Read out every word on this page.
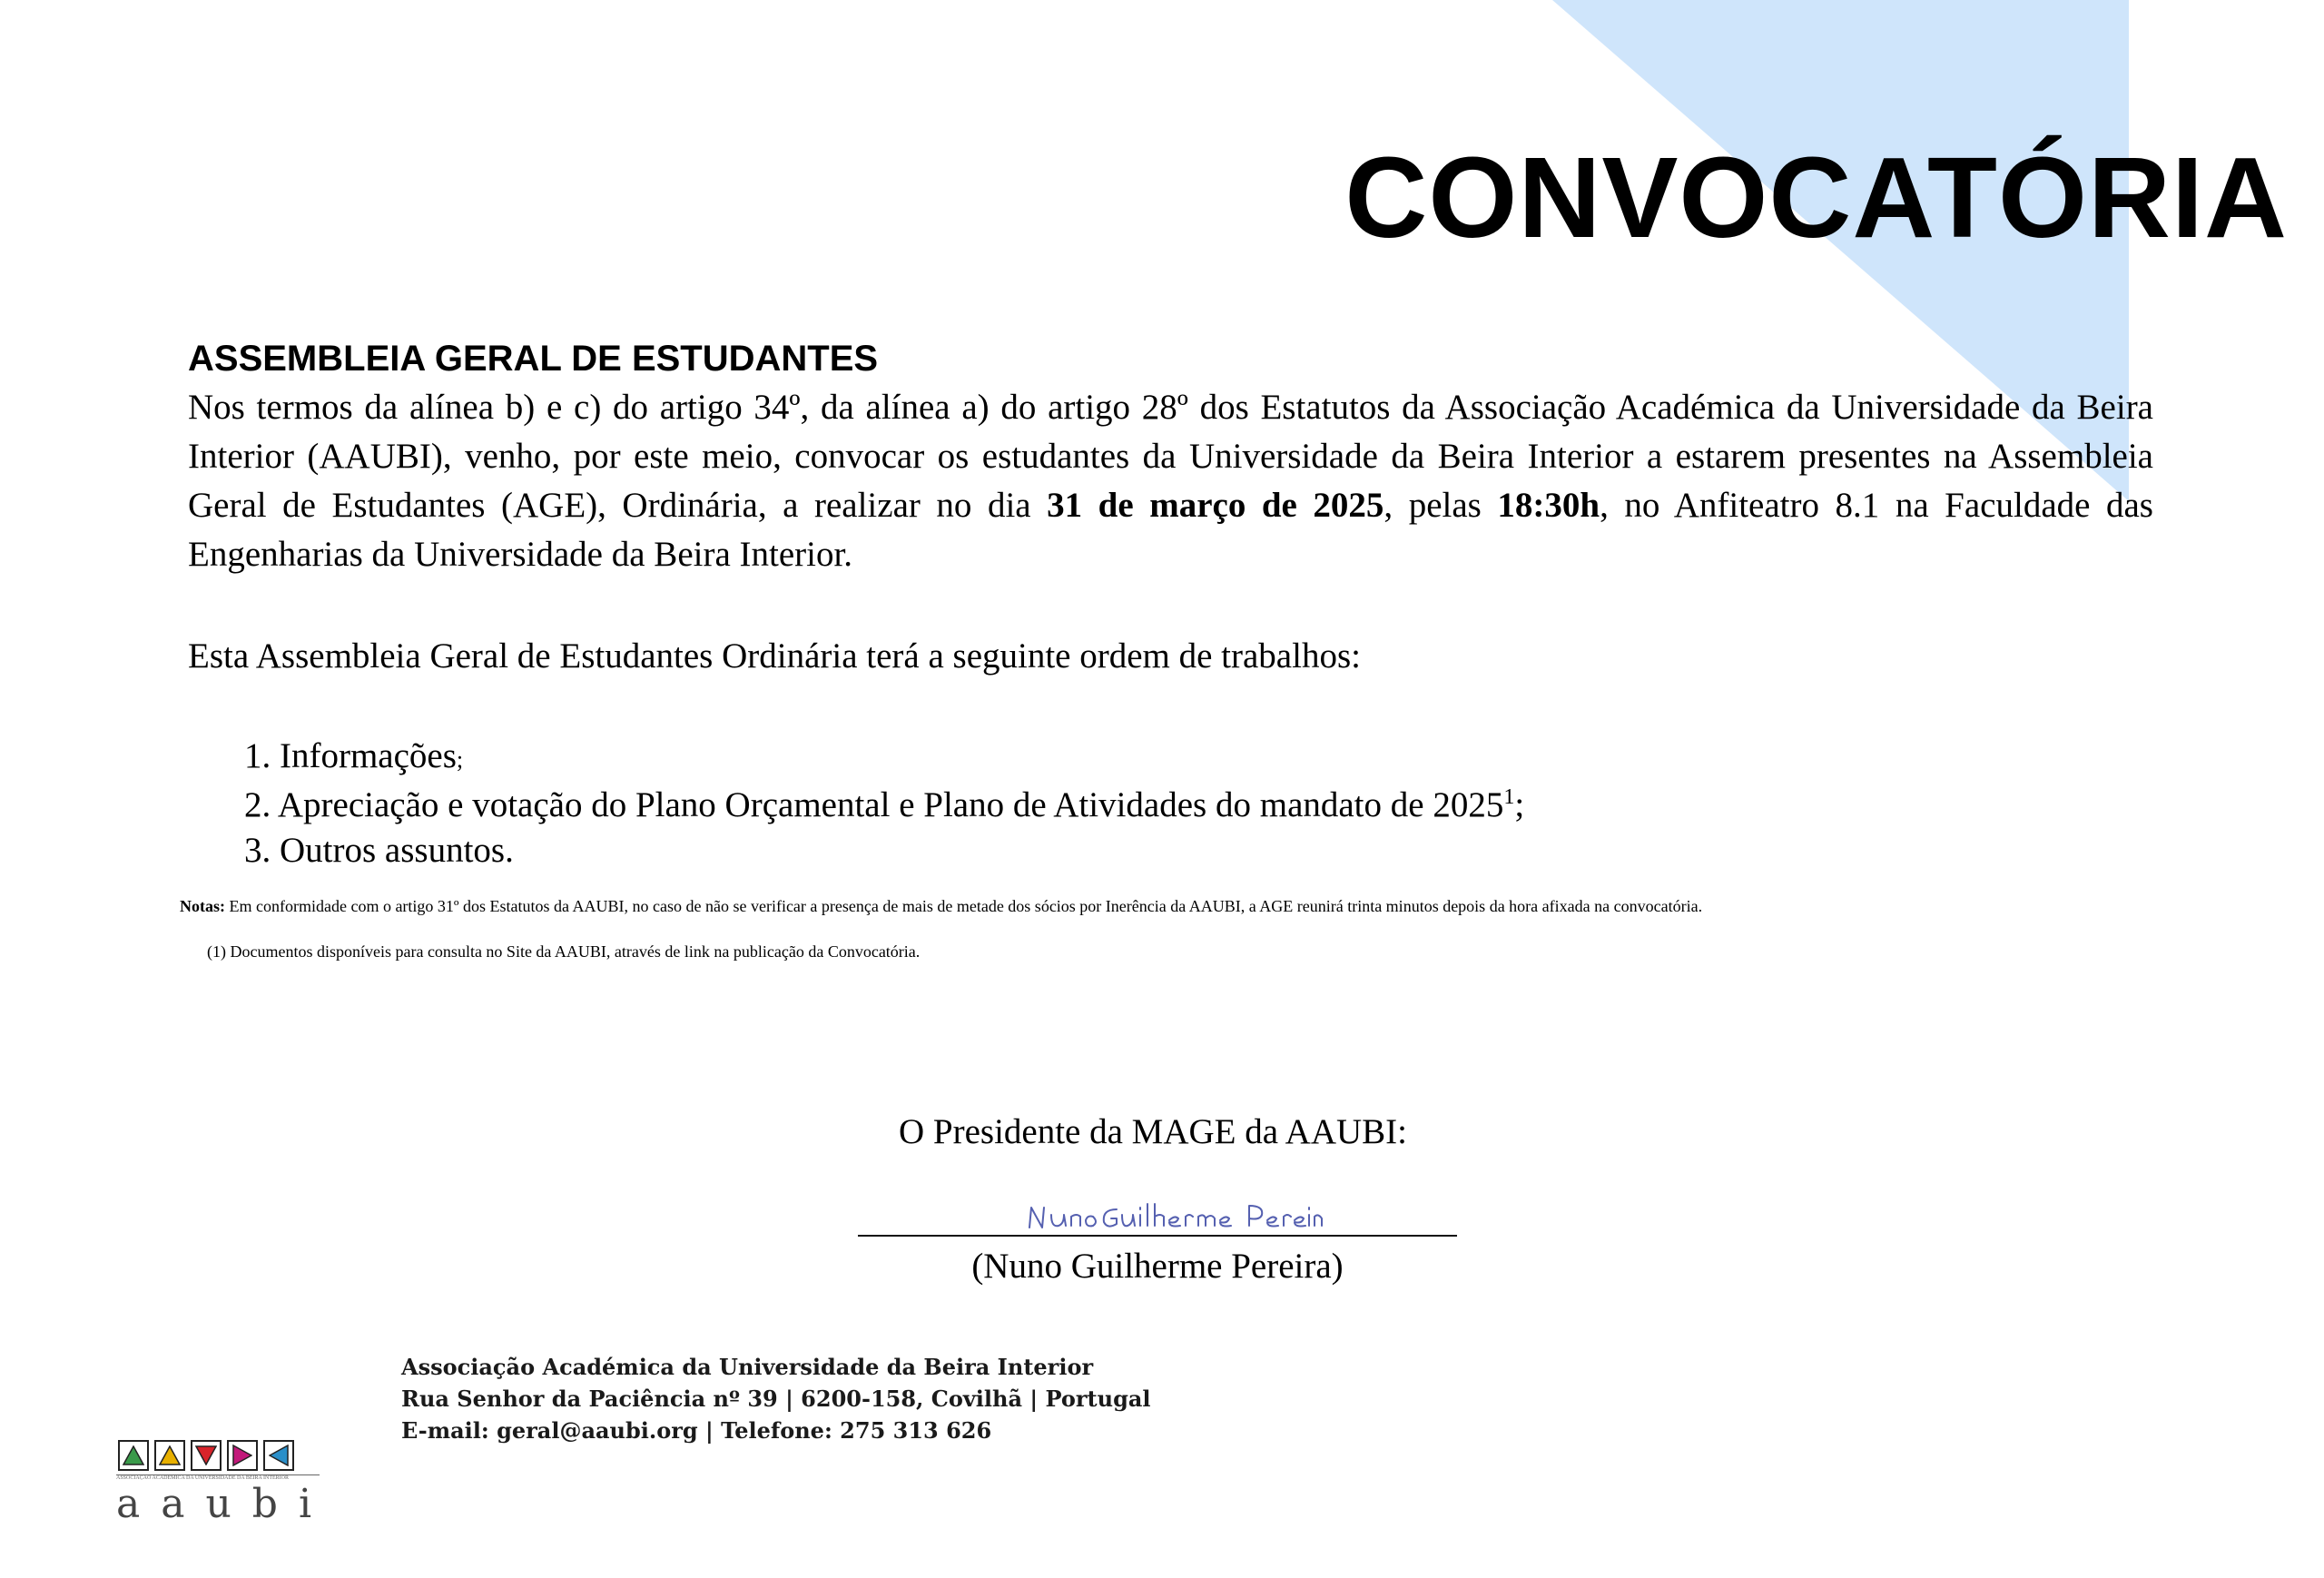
CONVOCATÓRIA
ASSEMBLEIA GERAL DE ESTUDANTES

Nos termos da alínea b) e c) do artigo 34º, da alínea a) do artigo 28º dos Estatutos da Associação Académica da Universidade da Beira Interior (AAUBI), venho, por este meio, convocar os estudantes da Universidade da Beira Interior a estarem presentes na Assembleia Geral de Estudantes (AGE), Ordinária, a realizar no dia 31 de março de 2025, pelas 18:30h, no Anfiteatro 8.1 na Faculdade das Engenharias da Universidade da Beira Interior.

Esta Assembleia Geral de Estudantes Ordinária terá a seguinte ordem de trabalhos:

1. Informações;
2. Apreciação e votação do Plano Orçamental e Plano de Atividades do mandato de 2025$^1$;
3. Outros assuntos.
Notas: Em conformidade com o artigo 31º dos Estatutos da AAUBI, no caso de não se verificar a presença de mais de metade dos sócios por Inerência da AAUBI, a AGE reunirá trinta minutos depois da hora afixada na convocatória.
(1) Documentos disponíveis para consulta no Site da AAUBI, através de link na publicação da Convocatória.
O Presidente da MAGE da AAUBI:
(Nuno Guilherme Pereira)
Associação Académica da Universidade da Beira Interior
Rua Senhor da Paciência nº 39 | 6200-158, Covilhã | Portugal
E-mail: geral@aaubi.org | Telefone: 275 313 626
ASSOCIAÇÃO ACADÉMICA DA UNIVERSIDADE DA BEIRA INTERIOR
aaubi
